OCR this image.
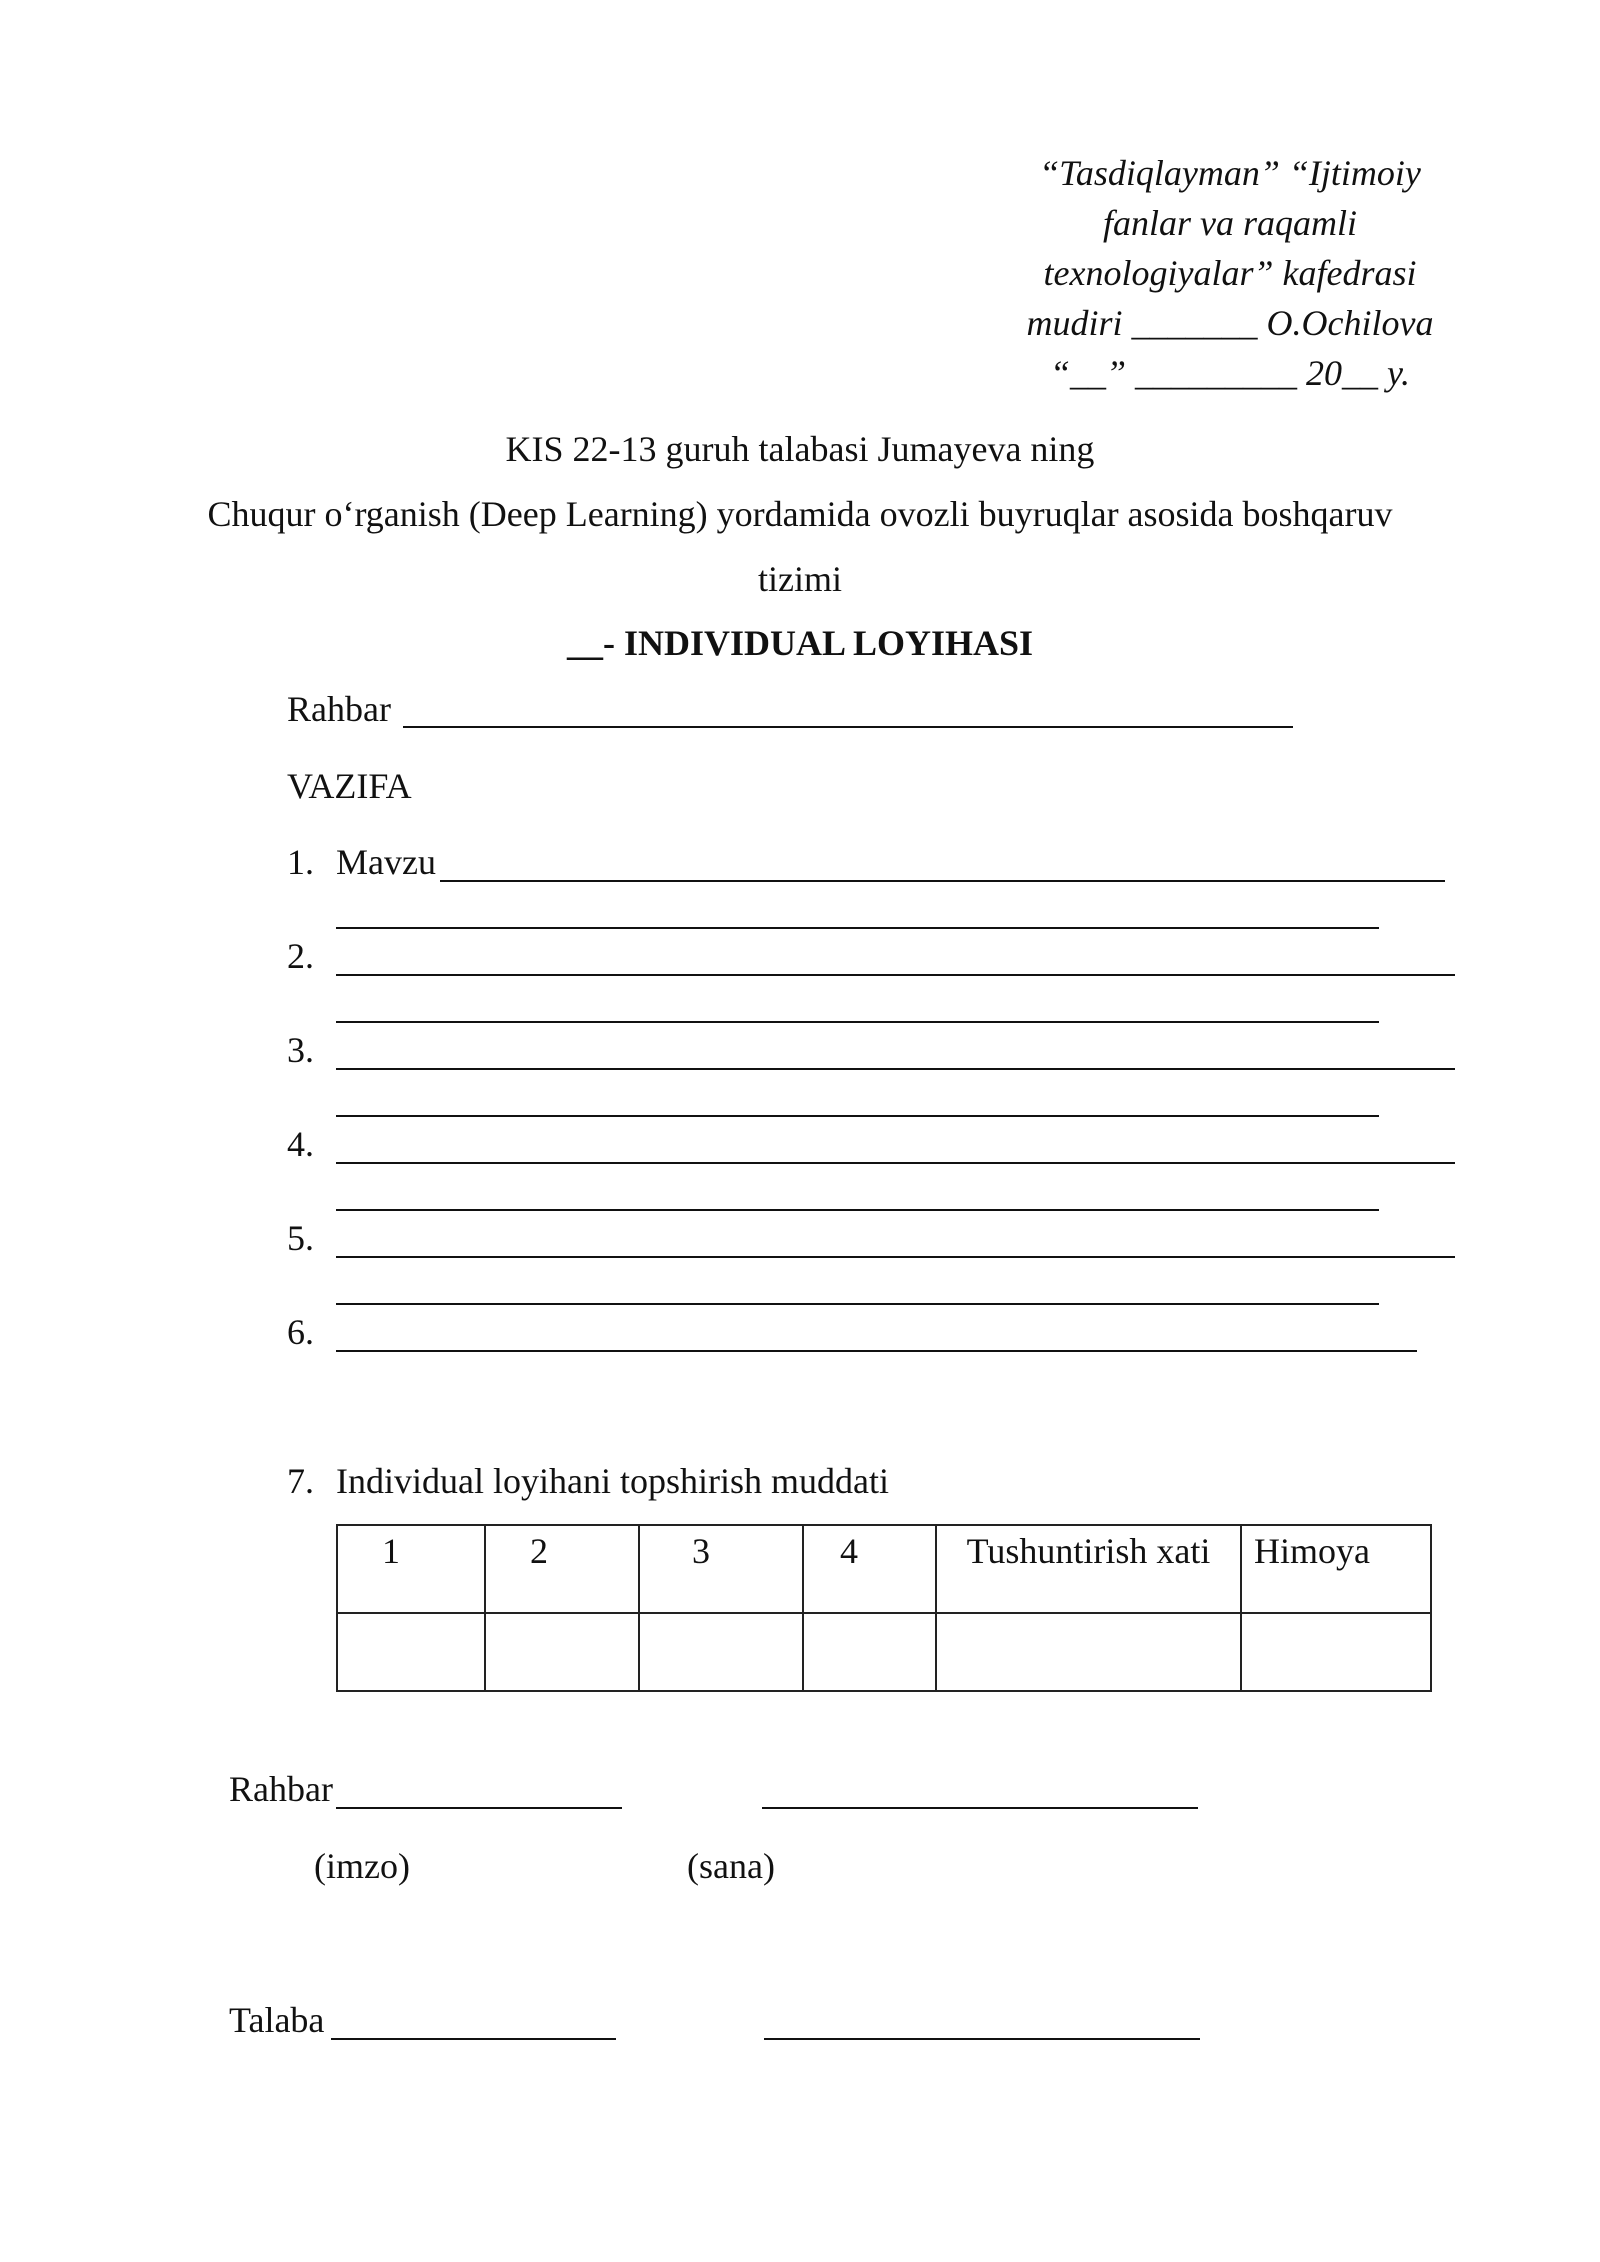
“Tasdiqlayman” “Ijtimoiy
fanlar va raqamli
texnologiyalar” kafedrasi
mudiri _______ O.Ochilova
“__” _________ 20__ y.
KIS 22-13 guruh talabasi Jumayeva ning
Chuqur o‘rganish (Deep Learning) yordamida ovozli buyruqlar asosida boshqaruv
tizimi
__- INDIVIDUAL LOYIHASI
Rahbar
VAZIFA
1. Mavzu
2.
3.
4.
5.
6.
7. Individual loyihani topshirish muddati
1	2	3	4	Tushuntirish xati	Himoya

Rahbar
(imzo)	(sana)
Talaba
